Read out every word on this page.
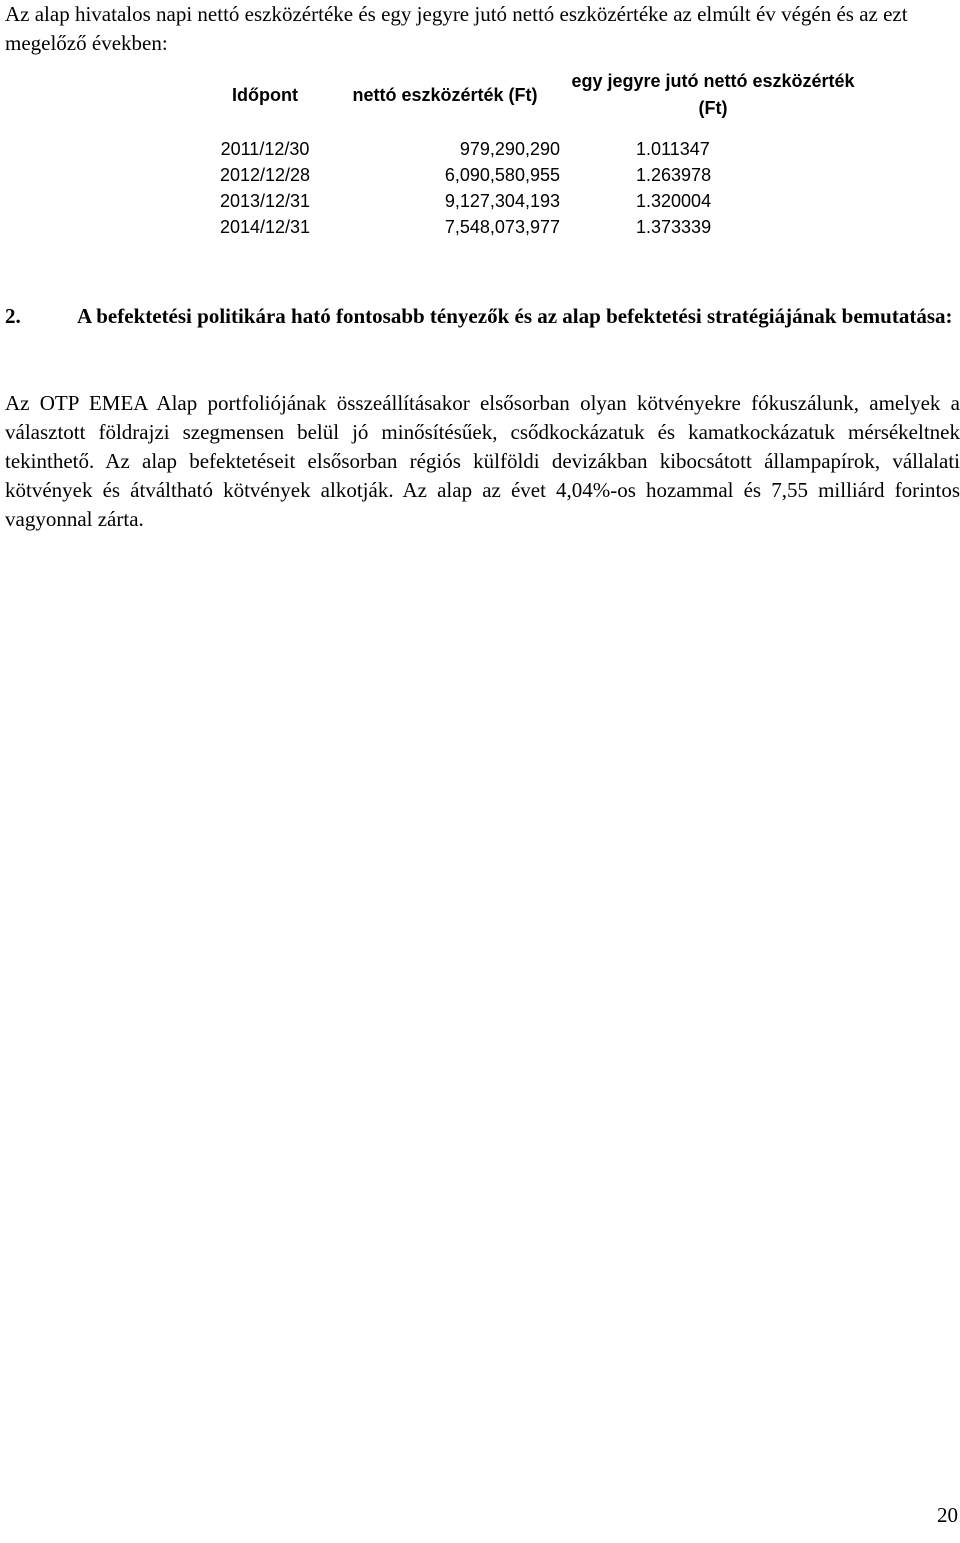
Az alap hivatalos napi nettó eszközértéke és egy jegyre jutó nettó eszközértéke az elmúlt év végén és az ezt megelőző években:

Időpont	nettó eszközérték (Ft)	egy jegyre jutó nettó eszközérték (Ft)
2011/12/30	979,290,290	1.011347
2012/12/28	6,090,580,955	1.263978
2013/12/31	9,127,304,193	1.320004
2014/12/31	7,548,073,977	1.373339

2.	A befektetési politikára ható fontosabb tényezők és az alap befektetési stratégiájának bemutatása:

Az OTP EMEA Alap portfoliójának összeállításakor elsősorban olyan kötvényekre fókuszálunk, amelyek a választott földrajzi szegmensen belül jó minősítésűek, csődkockázatuk és kamatkockázatuk mérsékeltnek tekinthető. Az alap befektetéseit elsősorban régiós külföldi devizákban kibocsátott állampapírok, vállalati kötvények és átváltható kötvények alkotják. Az alap az évet 4,04%-os hozammal és 7,55 milliárd forintos vagyonnal zárta.

20
